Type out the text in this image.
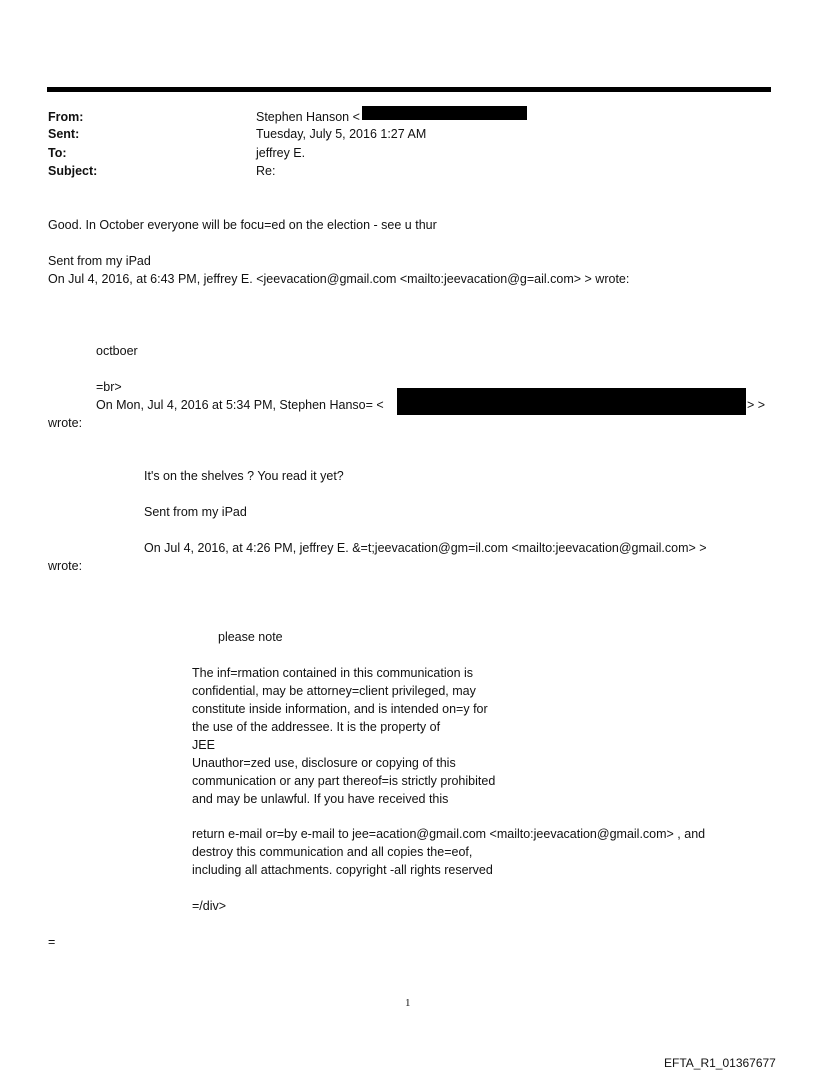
From:	Stephen Hanson <
Sent:	Tuesday, July 5, 2016 1:27 AM
To:	jeffrey E.
Subject:	Re:
Good. In October everyone will be focu=ed on the election - see u thur
Sent from my iPad
On Jul 4, 2016, at 6:43 PM, jeffrey E. <jeevacation@gmail.com <mailto:jeevacation@g=ail.com> > wrote:
octboer
=br>
On Mon, Jul 4, 2016 at 5:34 PM, Stephen Hanso= <	> >
wrote:
It's on the shelves ? You read it yet?
Sent from my iPad
On Jul 4, 2016, at 4:26 PM, jeffrey E. &=t;jeevacation@gm=il.com <mailto:jeevacation@gmail.com> >
wrote:
please note
The inf=rmation contained in this communication is
confidential, may be attorney=client privileged, may
constitute inside information, and is intended on=y for
the use of the addressee. It is the property of
JEE
Unauthor=zed use, disclosure or copying of this
communication or any part thereof=is strictly prohibited
and may be unlawful. If you have received this
return e-mail or=by e-mail to jee=acation@gmail.com <mailto:jeevacation@gmail.com> , and
destroy this communication and all copies the=eof,
including all attachments. copyright -all rights reserved
=/div>
=
1
EFTA_R1_01367677
